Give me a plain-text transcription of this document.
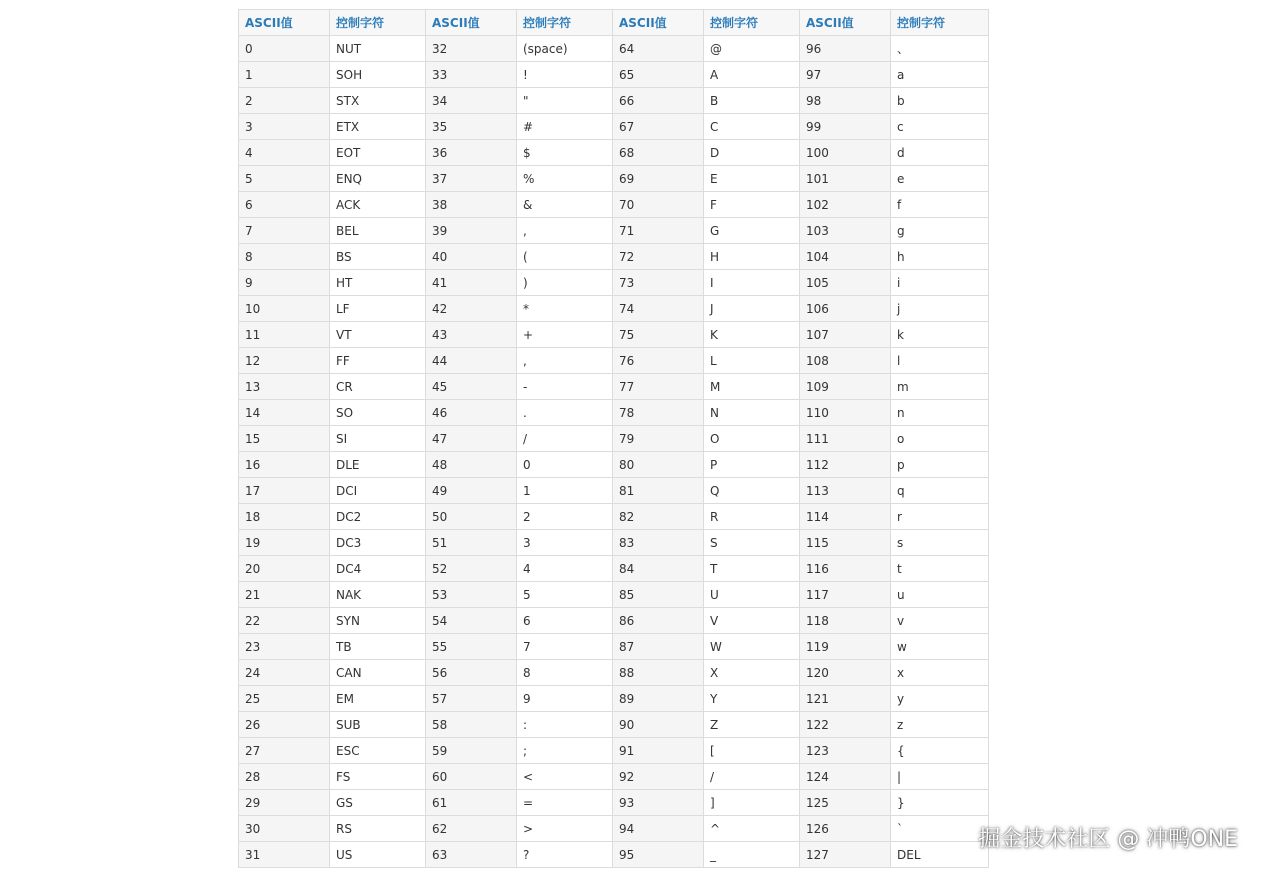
ASCII值	控制字符	ASCII值	控制字符	ASCII值	控制字符	ASCII值	控制字符
0	NUT	32	(space)	64	@	96	、
1	SOH	33	!	65	A	97	a
2	STX	34	"	66	B	98	b
3	ETX	35	#	67	C	99	c
4	EOT	36	$	68	D	100	d
5	ENQ	37	%	69	E	101	e
6	ACK	38	&	70	F	102	f
7	BEL	39	,	71	G	103	g
8	BS	40	(	72	H	104	h
9	HT	41	)	73	I	105	i
10	LF	42	*	74	J	106	j
11	VT	43	+	75	K	107	k
12	FF	44	,	76	L	108	l
13	CR	45	-	77	M	109	m
14	SO	46	.	78	N	110	n
15	SI	47	/	79	O	111	o
16	DLE	48	0	80	P	112	p
17	DCI	49	1	81	Q	113	q
18	DC2	50	2	82	R	114	r
19	DC3	51	3	83	S	115	s
20	DC4	52	4	84	T	116	t
21	NAK	53	5	85	U	117	u
22	SYN	54	6	86	V	118	v
23	TB	55	7	87	W	119	w
24	CAN	56	8	88	X	120	x
25	EM	57	9	89	Y	121	y
26	SUB	58	:	90	Z	122	z
27	ESC	59	;	91	[	123	{
28	FS	60	<	92	/	124	|
29	GS	61	=	93	]	125	}
30	RS	62	>	94	^	126	`
31	US	63	?	95	_	127	DEL
掘金技术社区 @ 冲鸭ONE
